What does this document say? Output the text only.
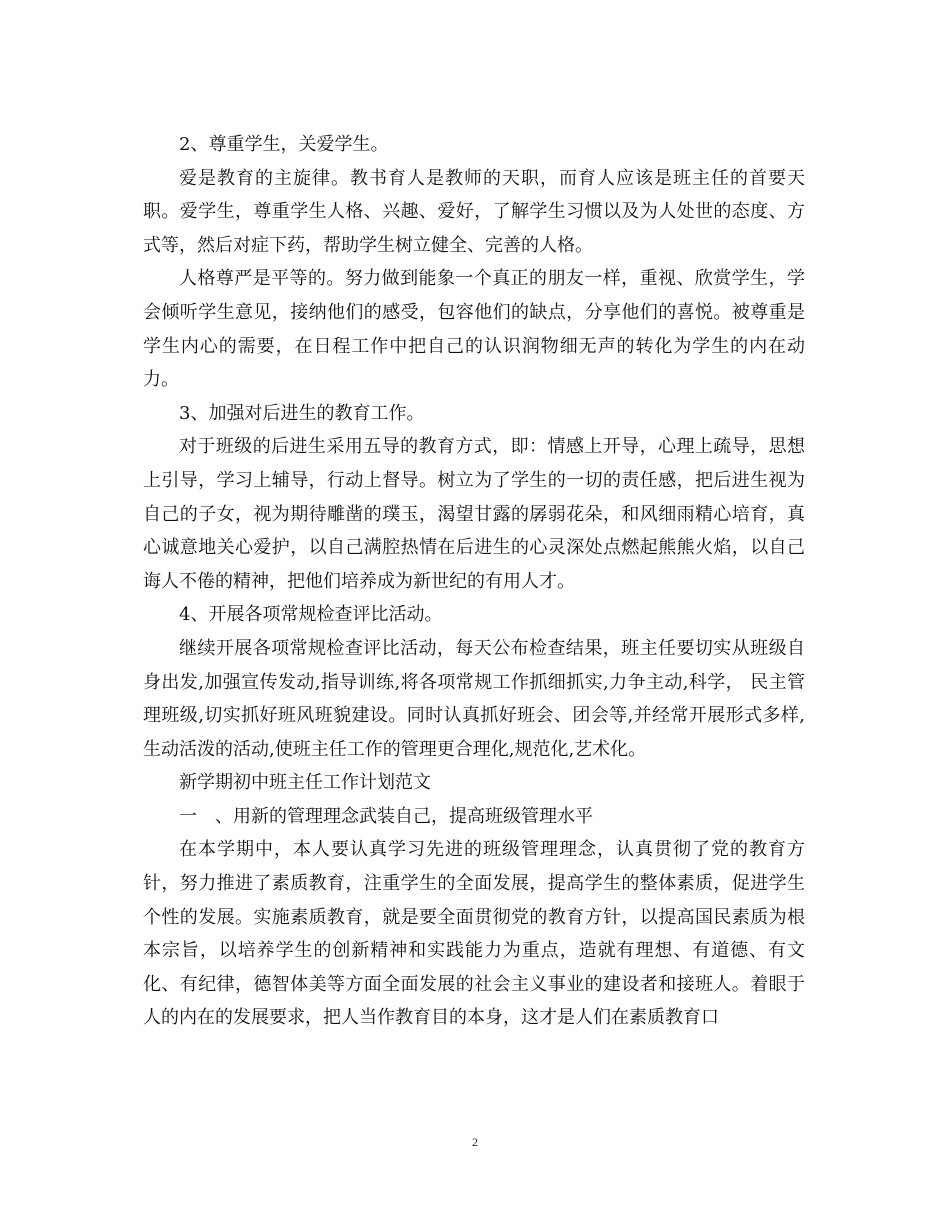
2、尊重学生，关爱学生。

爱是教育的主旋律。教书育人是教师的天职，而育人应该是班主任的首要天职。爱学生，尊重学生人格、兴趣、爱好，了解学生习惯以及为人处世的态度、方式等，然后对症下药，帮助学生树立健全、完善的人格。

人格尊严是平等的。努力做到能象一个真正的朋友一样，重视、欣赏学生，学会倾听学生意见，接纳他们的感受，包容他们的缺点，分享他们的喜悦。被尊重是学生内心的需要，在日程工作中把自己的认识润物细无声的转化为学生的内在动力。

3、加强对后进生的教育工作。

对于班级的后进生采用五导的教育方式，即：情感上开导，心理上疏导，思想上引导，学习上辅导，行动上督导。树立为了学生的一切的责任感，把后进生视为自己的子女，视为期待雕凿的璞玉，渴望甘露的孱弱花朵，和风细雨精心培育，真心诚意地关心爱护，以自己满腔热情在后进生的心灵深处点燃起熊熊火焰，以自己诲人不倦的精神，把他们培养成为新世纪的有用人才。

4、开展各项常规检查评比活动。

继续开展各项常规检查评比活动，每天公布检查结果，班主任要切实从班级自身出发,加强宣传发动,指导训练,将各项常规工作抓细抓实,力争主动,科学， 民主管理班级,切实抓好班风班貌建设。同时认真抓好班会、团会等,并经常开展形式多样,生动活泼的活动,使班主任工作的管理更合理化,规范化,艺术化。

新学期初中班主任工作计划范文

一　、用新的管理理念武装自己，提高班级管理水平

在本学期中，本人要认真学习先进的班级管理理念，认真贯彻了党的教育方针，努力推进了素质教育，注重学生的全面发展，提高学生的整体素质，促进学生个性的发展。实施素质教育，就是要全面贯彻党的教育方针，以提高国民素质为根本宗旨，以培养学生的创新精神和实践能力为重点，造就有理想、有道德、有文化、有纪律，德智体美等方面全面发展的社会主义事业的建设者和接班人。着眼于人的内在的发展要求，把人当作教育目的本身，这才是人们在素质教育口

2
